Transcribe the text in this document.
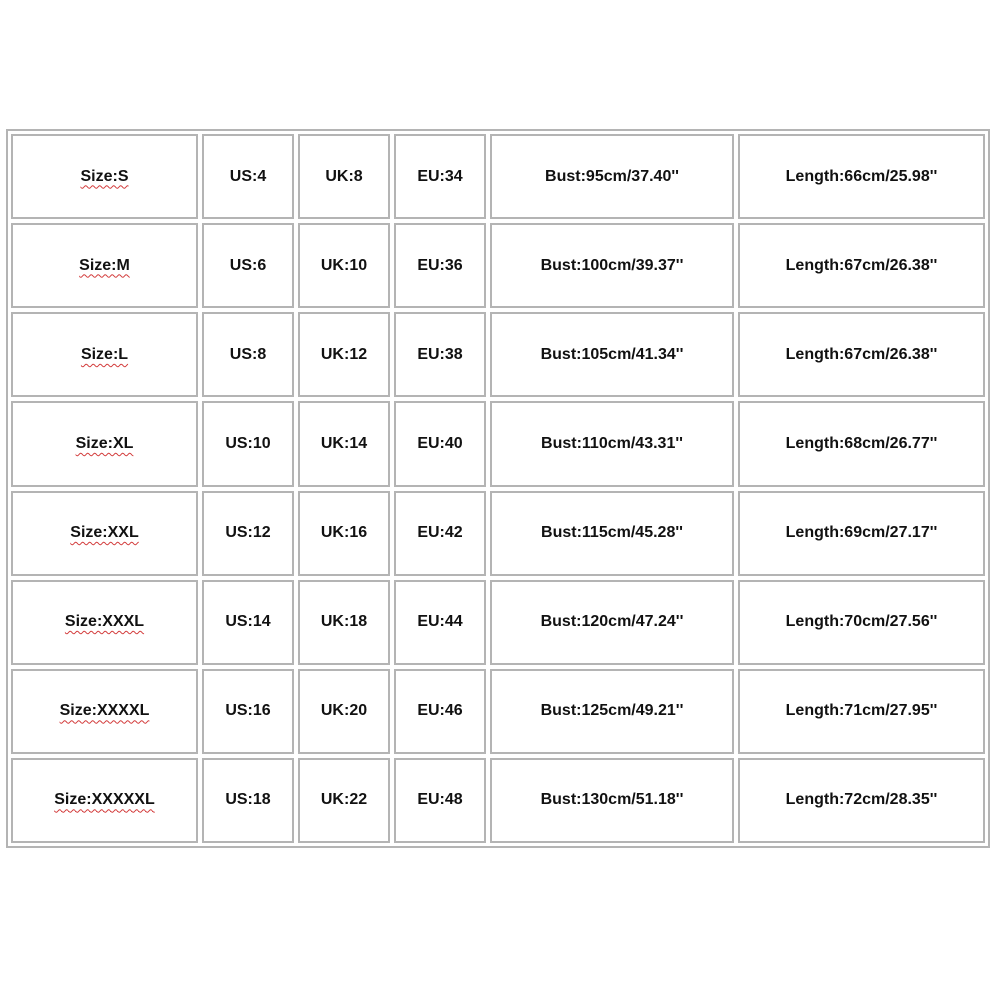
Size:S	US:4	UK:8	EU:34	Bust:95cm/37.40''	Length:66cm/25.98''
Size:M	US:6	UK:10	EU:36	Bust:100cm/39.37''	Length:67cm/26.38''
Size:L	US:8	UK:12	EU:38	Bust:105cm/41.34''	Length:67cm/26.38''
Size:XL	US:10	UK:14	EU:40	Bust:110cm/43.31''	Length:68cm/26.77''
Size:XXL	US:12	UK:16	EU:42	Bust:115cm/45.28''	Length:69cm/27.17''
Size:XXXL	US:14	UK:18	EU:44	Bust:120cm/47.24''	Length:70cm/27.56''
Size:XXXXL	US:16	UK:20	EU:46	Bust:125cm/49.21''	Length:71cm/27.95''
Size:XXXXXL	US:18	UK:22	EU:48	Bust:130cm/51.18''	Length:72cm/28.35''
